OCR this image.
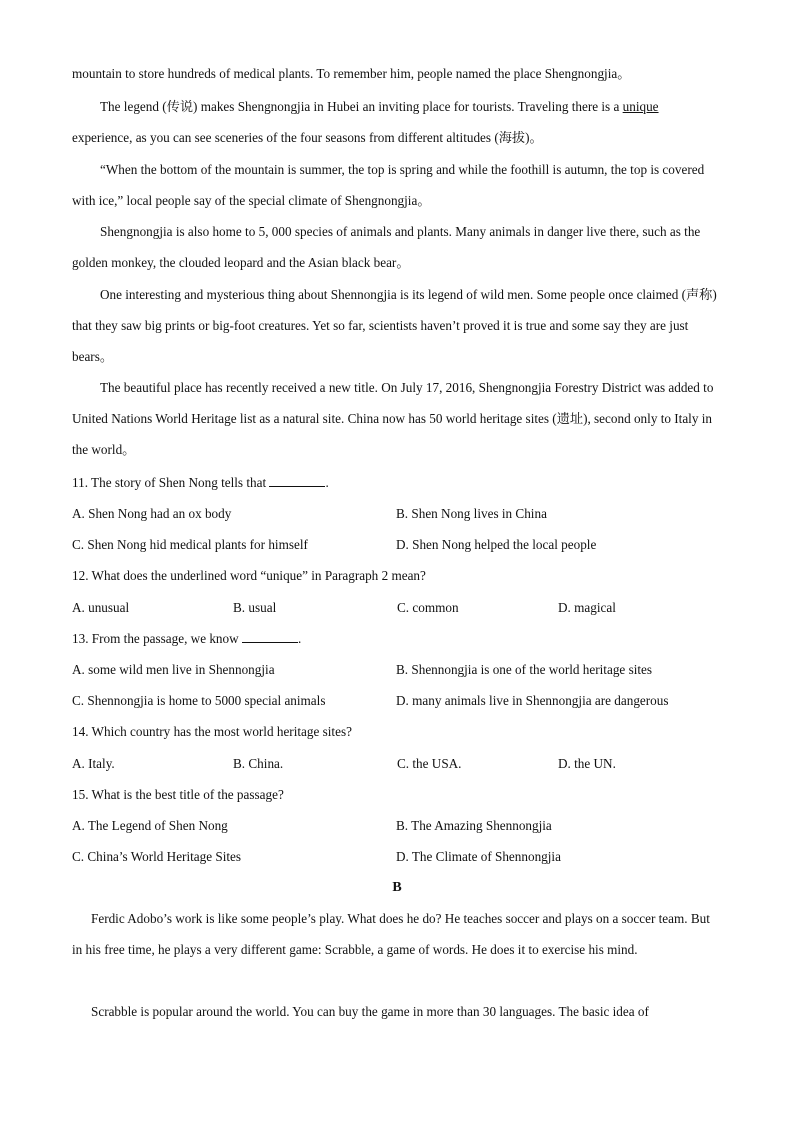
mountain to store hundreds of medical plants. To remember him, people named the place Shengnongjia。

The legend (传说) makes Shengnongjia in Hubei an inviting place for tourists. Traveling there is a unique experience, as you can see sceneries of the four seasons from different altitudes (海拔)。

“When the bottom of the mountain is summer, the top is spring and while the foothill is autumn, the top is covered with ice,” local people say of the special climate of Shengnongjia。

Shengnongjia is also home to 5, 000 species of animals and plants. Many animals in danger live there, such as the golden monkey, the clouded leopard and the Asian black bear。

One interesting and mysterious thing about Shennongjia is its legend of wild men. Some people once claimed (声称) that they saw big prints or big-foot creatures. Yet so far, scientists haven’t proved it is true and some say they are just bears。

The beautiful place has recently received a new title. On July 17, 2016, Shengnongjia Forestry District was added to United Nations World Heritage list as a natural site. China now has 50 world heritage sites (遗址), second only to Italy in the world。

11. The story of Shen Nong tells that	.

A. Shen Nong had an ox body	B. Shen Nong lives in China
C. Shen Nong hid medical plants for himself	D. Shen Nong helped the local people

12. What does the underlined word “unique” in Paragraph 2 mean?

A. unusual	B. usual	C. common	D. magical

13. From the passage, we know	.

A. some wild men live in Shennongjia	B. Shennongjia is one of the world heritage sites
C. Shennongjia is home to 5000 special animals	D. many animals live in Shennongjia are dangerous

14. Which country has the most world heritage sites?

A. Italy.	B. China.	C. the USA.	D. the UN.

15. What is the best title of the passage?

A. The Legend of Shen Nong	B. The Amazing Shennongjia
C. China’s World Heritage Sites	D. The Climate of Shennongjia
B

Ferdic Adobo’s work is like some people’s play. What does he do? He teaches soccer and plays on a soccer team. But in his free time, he plays a very different game: Scrabble, a game of words. He does it to exercise his mind.

Scrabble is popular around the world. You can buy the game in more than 30 languages. The basic idea of
